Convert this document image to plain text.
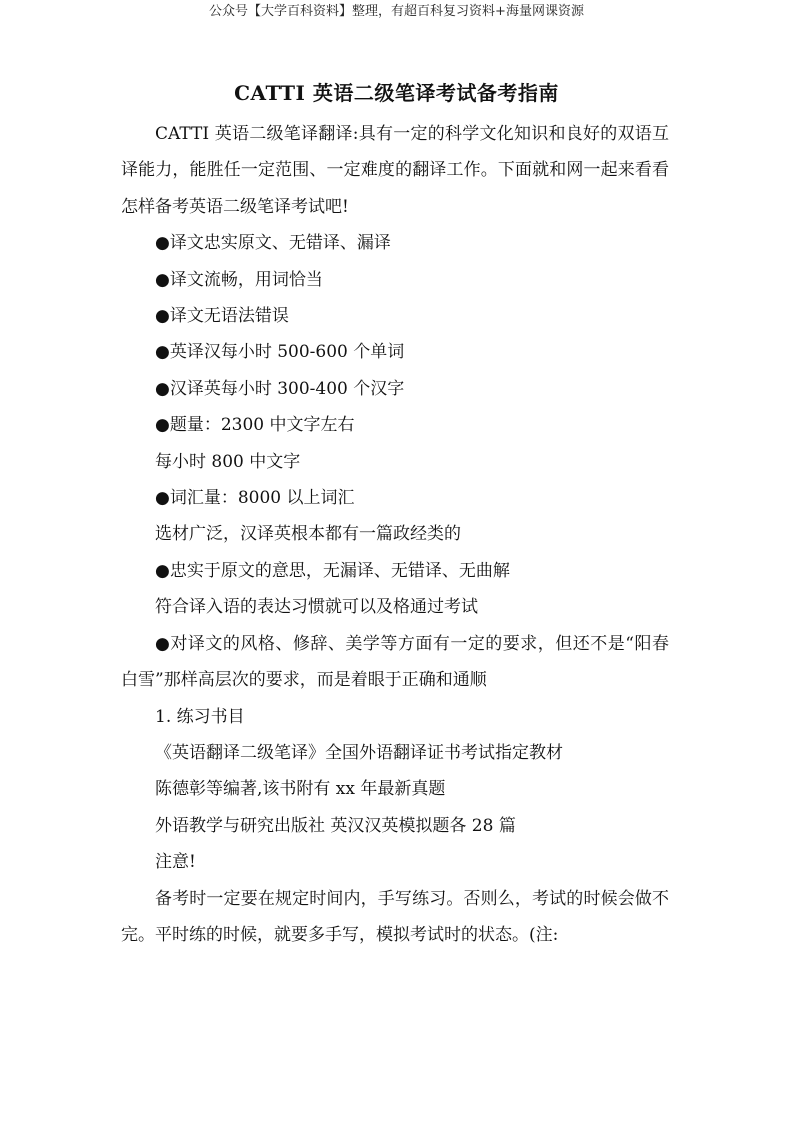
公众号【大学百科资料】整理，有超百科复习资料+海量网课资源
CATTI 英语二级笔译考试备考指南

CATTI 英语二级笔译翻译:具有一定的科学文化知识和良好的双语互译能力，能胜任一定范围、一定难度的翻译工作。下面就和网一起来看看怎样备考英语二级笔译考试吧!

●译文忠实原文、无错译、漏译

●译文流畅，用词恰当

●译文无语法错误

●英译汉每小时 500-600 个单词

●汉译英每小时 300-400 个汉字

●题量：2300 中文字左右

每小时 800 中文字

●词汇量：8000 以上词汇

选材广泛，汉译英根本都有一篇政经类的

●忠实于原文的意思，无漏译、无错译、无曲解

符合译入语的表达习惯就可以及格通过考试

●对译文的风格、修辞、美学等方面有一定的要求，但还不是“阳春白雪”那样高层次的要求，而是着眼于正确和通顺

1. 练习书目

《英语翻译二级笔译》全国外语翻译证书考试指定教材

陈德彰等编著,该书附有 xx 年最新真题

外语教学与研究出版社 英汉汉英模拟题各 28 篇

注意!

备考时一定要在规定时间内，手写练习。否则么，考试的时候会做不完。平时练的时候，就要多手写，模拟考试时的状态。(注:
